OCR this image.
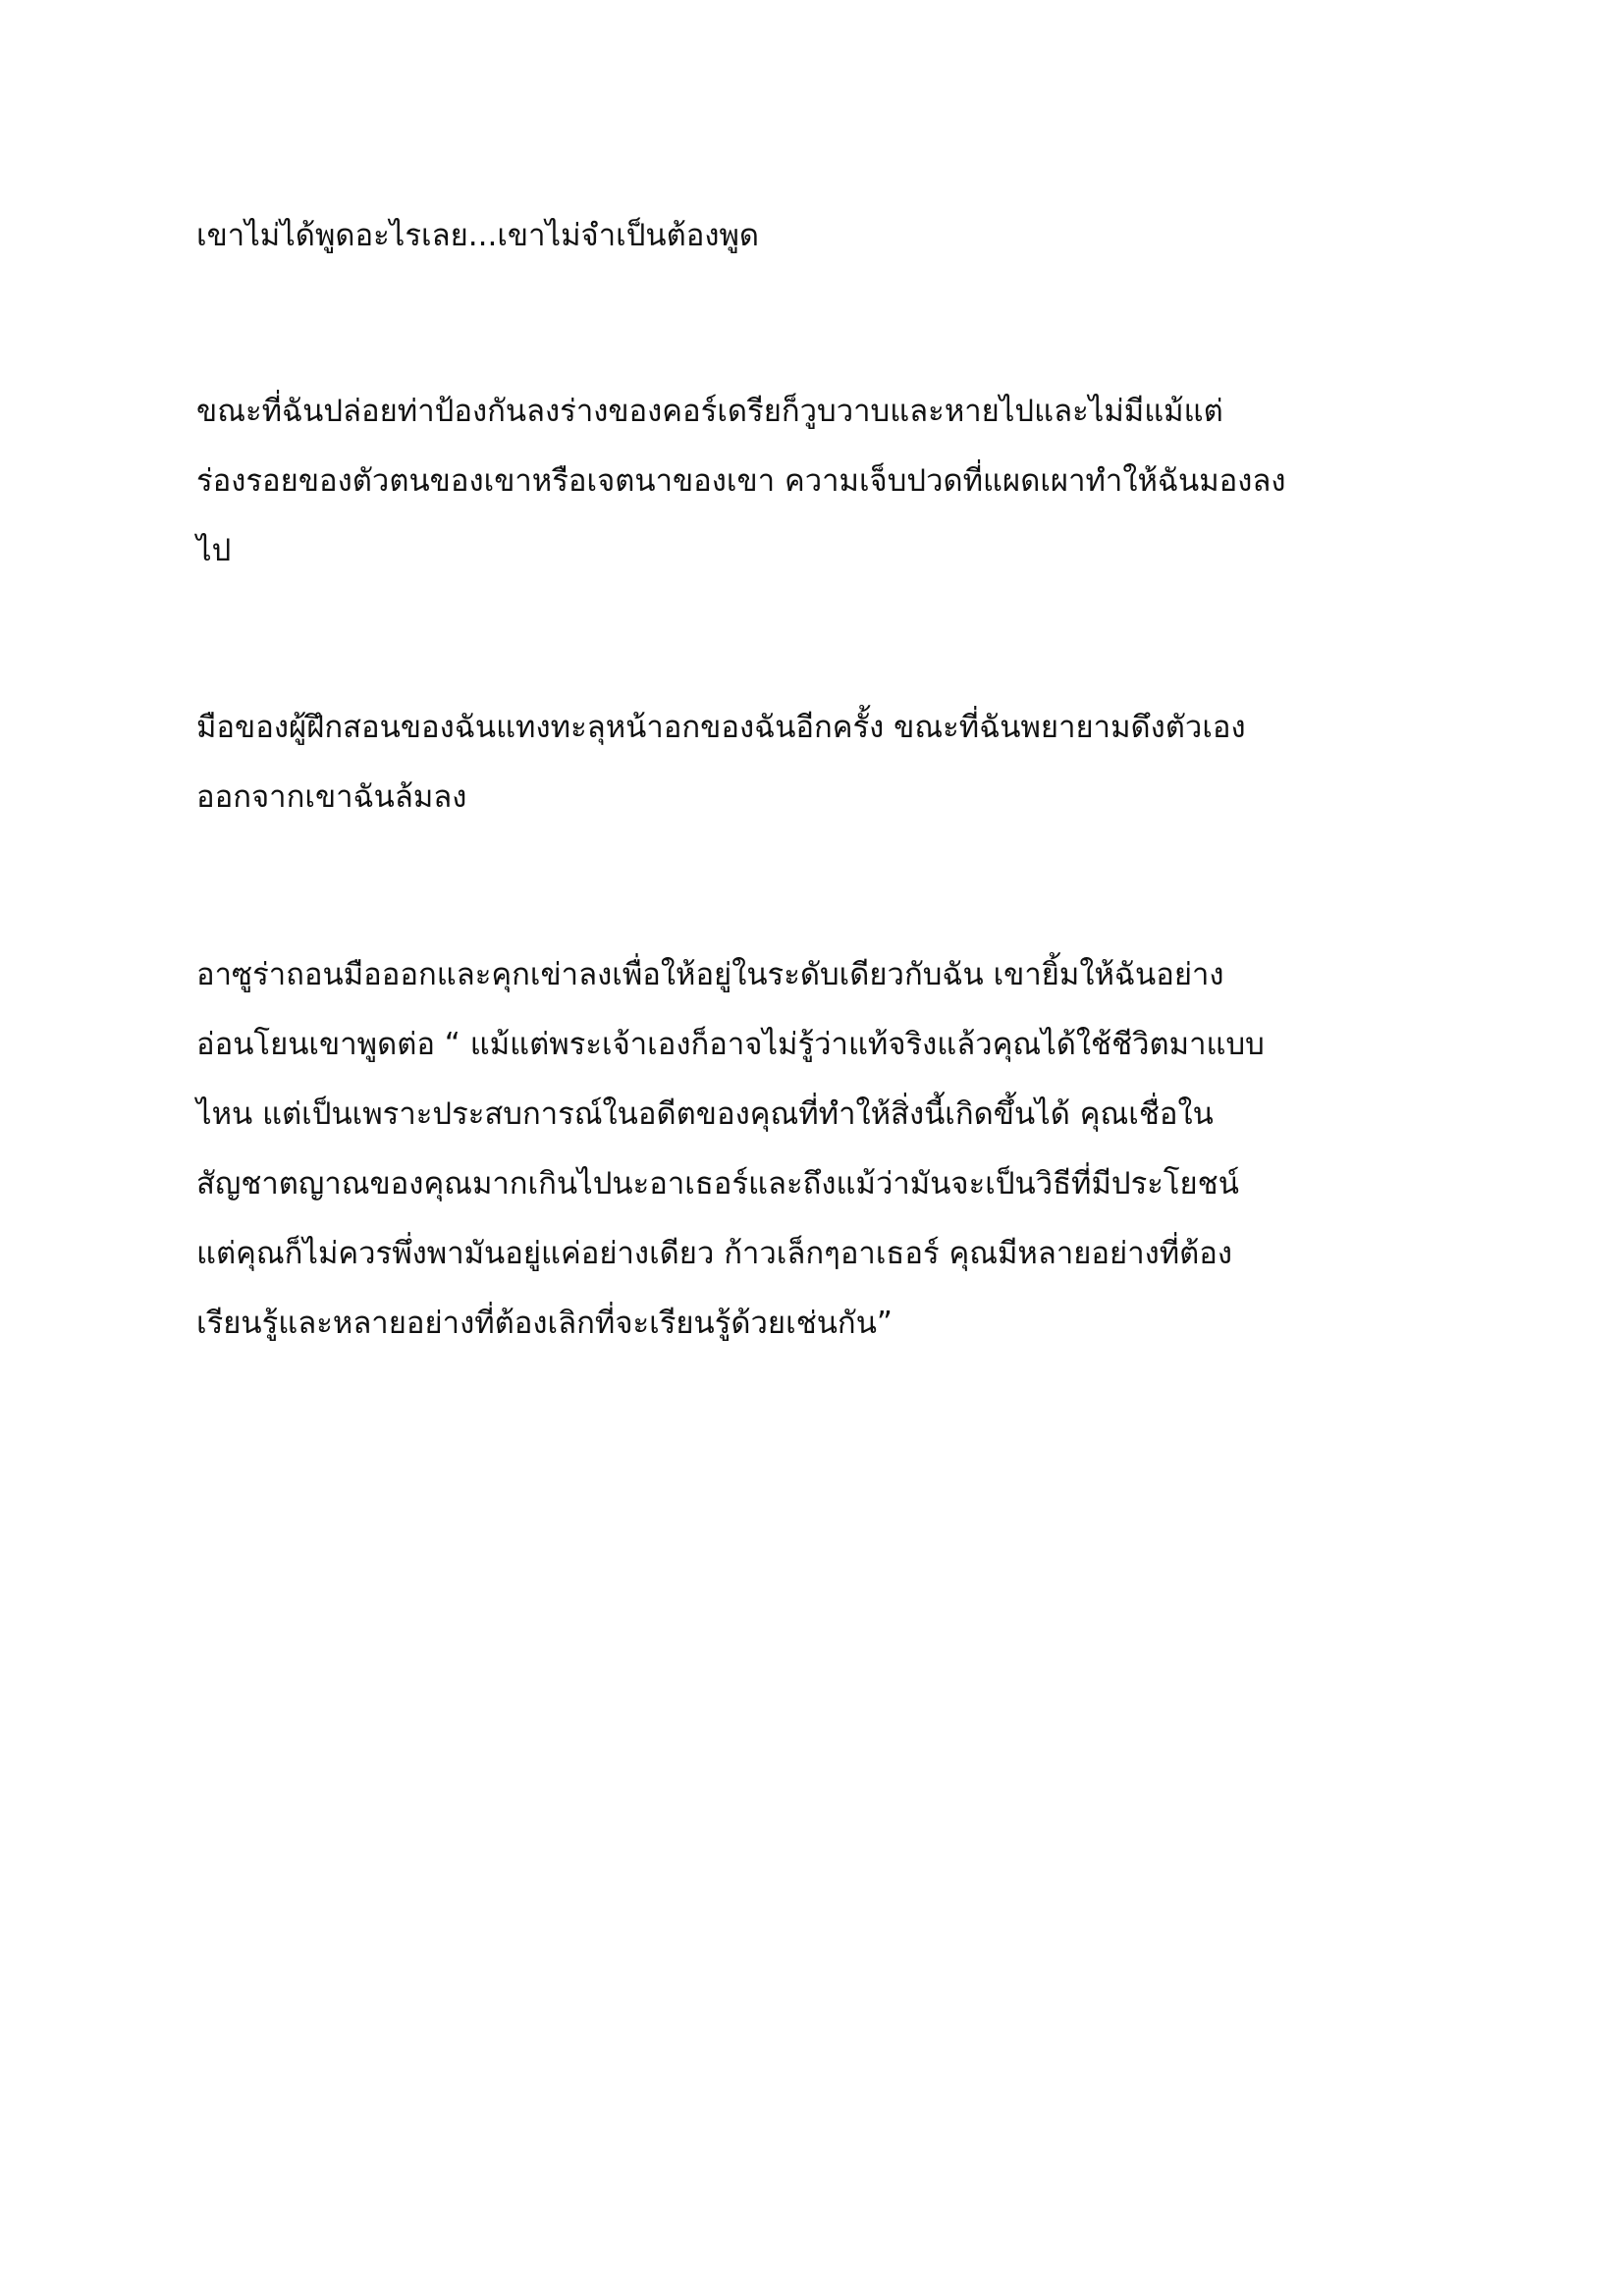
เขาไม่ได้พูดอะไรเลย...เขาไม่จำเป็นต้องพูด

ขณะที่ฉันปล่อยท่าป้องกันลงร่างของคอร์เดรียก็วูบวาบและหายไปและไม่มีแม้แต่
ร่องรอยของตัวตนของเขาหรือเจตนาของเขา ความเจ็บปวดที่แผดเผาทำให้ฉันมองลง
ไป

มือของผู้ฝึกสอนของฉันแทงทะลุหน้าอกของฉันอีกครั้ง ขณะที่ฉันพยายามดึงตัวเอง
ออกจากเขาฉันล้มลง

อาซูร่าถอนมือออกและคุกเข่าลงเพื่อให้อยู่ในระดับเดียวกับฉัน เขายิ้มให้ฉันอย่าง
อ่อนโยนเขาพูดต่อ “ แม้แต่พระเจ้าเองก็อาจไม่รู้ว่าแท้จริงแล้วคุณได้ใช้ชีวิตมาแบบ
ไหน แต่เป็นเพราะประสบการณ์ในอดีตของคุณที่ทำให้สิ่งนี้เกิดขึ้นได้ คุณเชื่อใน
สัญชาตญาณของคุณมากเกินไปนะอาเธอร์และถึงแม้ว่ามันจะเป็นวิธีที่มีประโยชน์
แต่คุณก็ไม่ควรพึ่งพามันอยู่แค่อย่างเดียว ก้าวเล็กๆอาเธอร์ คุณมีหลายอย่างที่ต้อง
เรียนรู้และหลายอย่างที่ต้องเลิกที่จะเรียนรู้ด้วยเช่นกัน”
